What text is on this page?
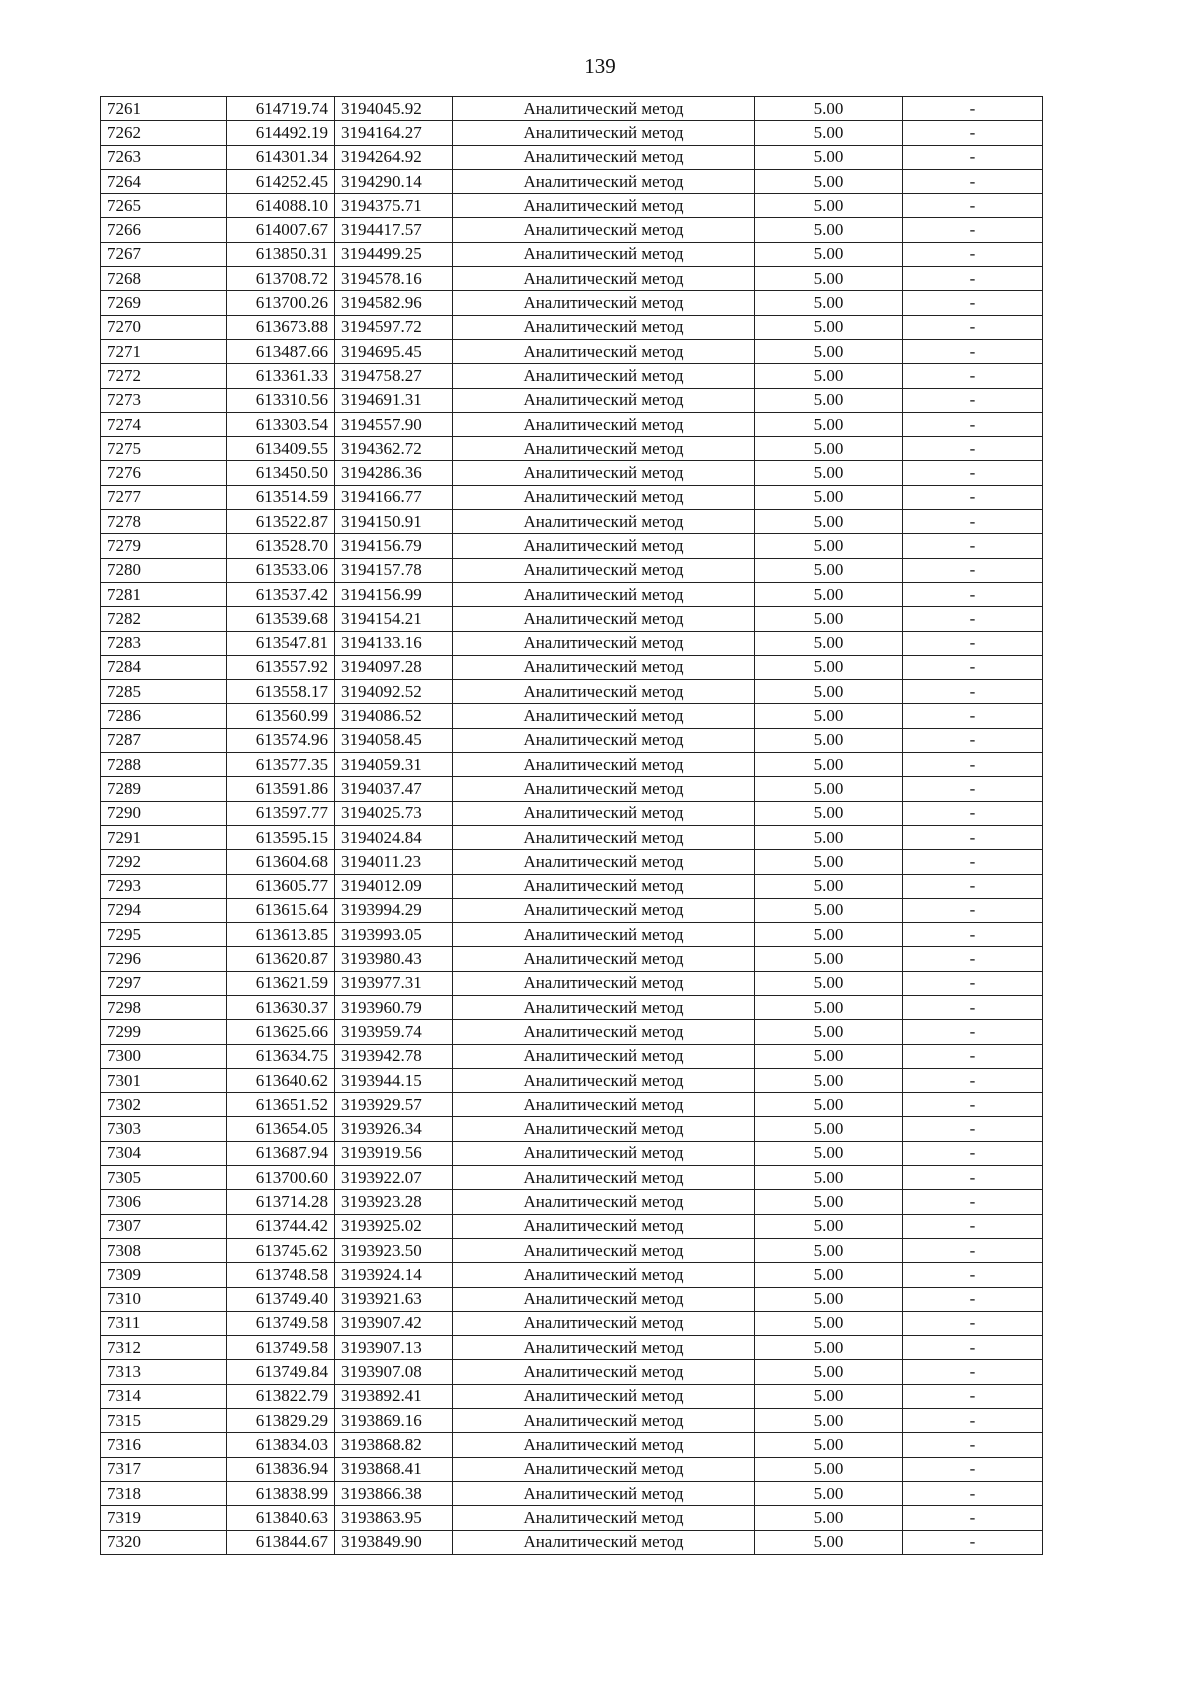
139
7261	614719.74	3194045.92	Аналитический метод	5.00	-
7262	614492.19	3194164.27	Аналитический метод	5.00	-
7263	614301.34	3194264.92	Аналитический метод	5.00	-
7264	614252.45	3194290.14	Аналитический метод	5.00	-
7265	614088.10	3194375.71	Аналитический метод	5.00	-
7266	614007.67	3194417.57	Аналитический метод	5.00	-
7267	613850.31	3194499.25	Аналитический метод	5.00	-
7268	613708.72	3194578.16	Аналитический метод	5.00	-
7269	613700.26	3194582.96	Аналитический метод	5.00	-
7270	613673.88	3194597.72	Аналитический метод	5.00	-
7271	613487.66	3194695.45	Аналитический метод	5.00	-
7272	613361.33	3194758.27	Аналитический метод	5.00	-
7273	613310.56	3194691.31	Аналитический метод	5.00	-
7274	613303.54	3194557.90	Аналитический метод	5.00	-
7275	613409.55	3194362.72	Аналитический метод	5.00	-
7276	613450.50	3194286.36	Аналитический метод	5.00	-
7277	613514.59	3194166.77	Аналитический метод	5.00	-
7278	613522.87	3194150.91	Аналитический метод	5.00	-
7279	613528.70	3194156.79	Аналитический метод	5.00	-
7280	613533.06	3194157.78	Аналитический метод	5.00	-
7281	613537.42	3194156.99	Аналитический метод	5.00	-
7282	613539.68	3194154.21	Аналитический метод	5.00	-
7283	613547.81	3194133.16	Аналитический метод	5.00	-
7284	613557.92	3194097.28	Аналитический метод	5.00	-
7285	613558.17	3194092.52	Аналитический метод	5.00	-
7286	613560.99	3194086.52	Аналитический метод	5.00	-
7287	613574.96	3194058.45	Аналитический метод	5.00	-
7288	613577.35	3194059.31	Аналитический метод	5.00	-
7289	613591.86	3194037.47	Аналитический метод	5.00	-
7290	613597.77	3194025.73	Аналитический метод	5.00	-
7291	613595.15	3194024.84	Аналитический метод	5.00	-
7292	613604.68	3194011.23	Аналитический метод	5.00	-
7293	613605.77	3194012.09	Аналитический метод	5.00	-
7294	613615.64	3193994.29	Аналитический метод	5.00	-
7295	613613.85	3193993.05	Аналитический метод	5.00	-
7296	613620.87	3193980.43	Аналитический метод	5.00	-
7297	613621.59	3193977.31	Аналитический метод	5.00	-
7298	613630.37	3193960.79	Аналитический метод	5.00	-
7299	613625.66	3193959.74	Аналитический метод	5.00	-
7300	613634.75	3193942.78	Аналитический метод	5.00	-
7301	613640.62	3193944.15	Аналитический метод	5.00	-
7302	613651.52	3193929.57	Аналитический метод	5.00	-
7303	613654.05	3193926.34	Аналитический метод	5.00	-
7304	613687.94	3193919.56	Аналитический метод	5.00	-
7305	613700.60	3193922.07	Аналитический метод	5.00	-
7306	613714.28	3193923.28	Аналитический метод	5.00	-
7307	613744.42	3193925.02	Аналитический метод	5.00	-
7308	613745.62	3193923.50	Аналитический метод	5.00	-
7309	613748.58	3193924.14	Аналитический метод	5.00	-
7310	613749.40	3193921.63	Аналитический метод	5.00	-
7311	613749.58	3193907.42	Аналитический метод	5.00	-
7312	613749.58	3193907.13	Аналитический метод	5.00	-
7313	613749.84	3193907.08	Аналитический метод	5.00	-
7314	613822.79	3193892.41	Аналитический метод	5.00	-
7315	613829.29	3193869.16	Аналитический метод	5.00	-
7316	613834.03	3193868.82	Аналитический метод	5.00	-
7317	613836.94	3193868.41	Аналитический метод	5.00	-
7318	613838.99	3193866.38	Аналитический метод	5.00	-
7319	613840.63	3193863.95	Аналитический метод	5.00	-
7320	613844.67	3193849.90	Аналитический метод	5.00	-
